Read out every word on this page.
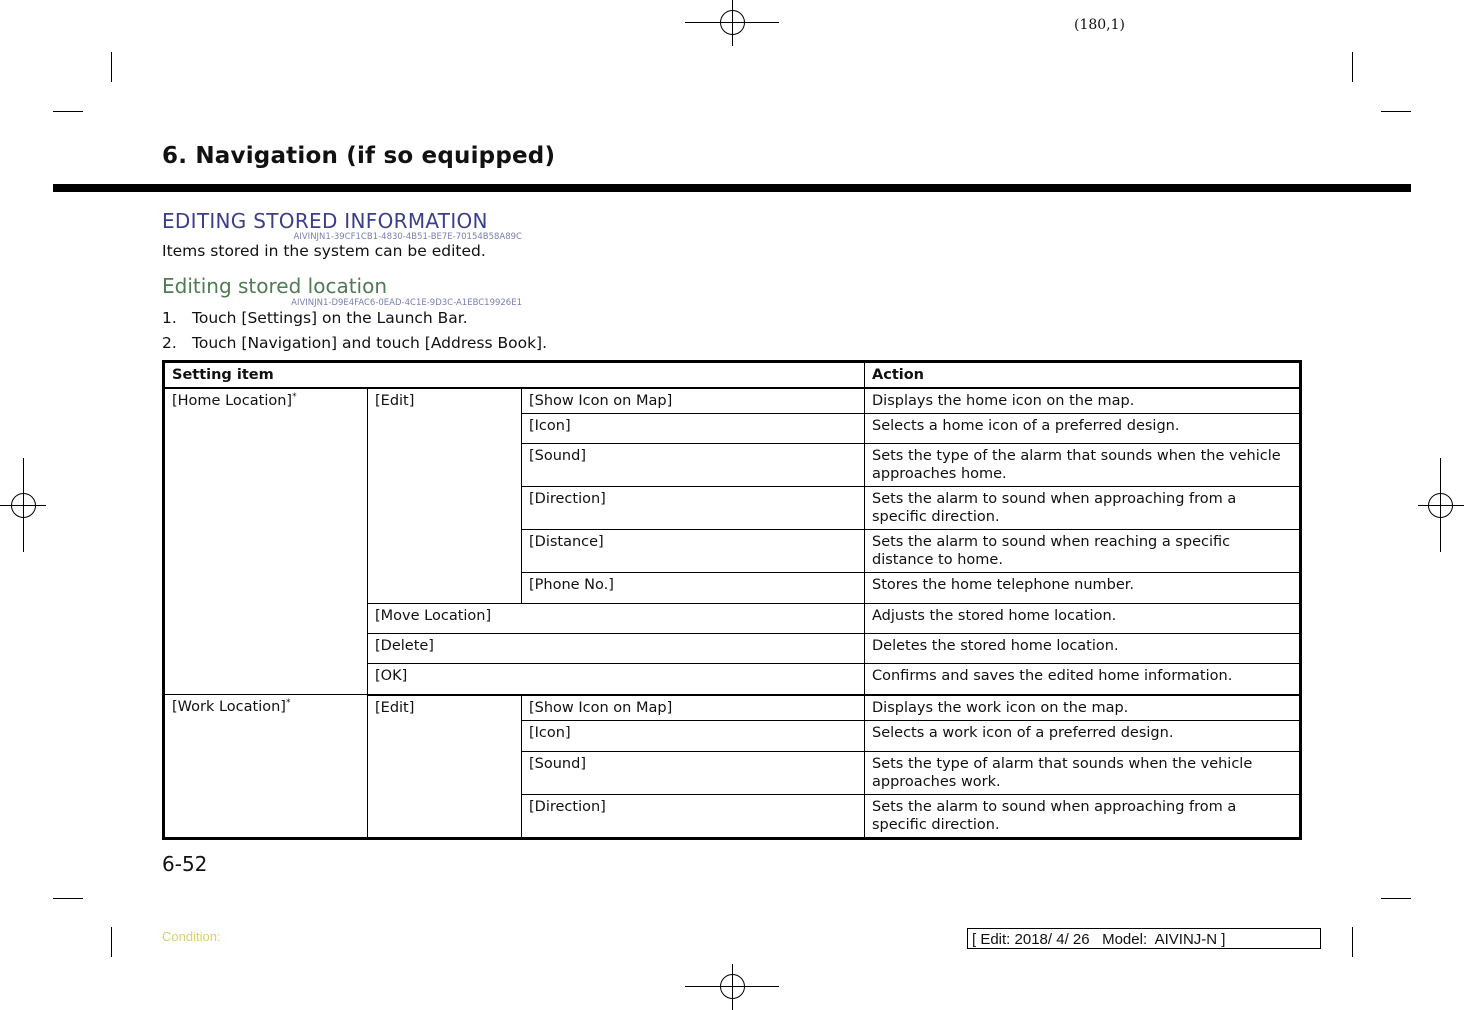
(180,1)
6. Navigation (if so equipped)
EDITING STORED INFORMATION
AIVINJN1-39CF1CB1-4830-4B51-BE7E-70154B58A89C
Items stored in the system can be edited.
Editing stored location
AIVINJN1-D9E4FAC6-0EAD-4C1E-9D3C-A1EBC19926E1
1. Touch [Settings] on the Launch Bar.
2. Touch [Navigation] and touch [Address Book].
Setting item			Action
[Home Location]*	[Edit]	[Show Icon on Map]	Displays the home icon on the map.
		[Icon]	Selects a home icon of a preferred design.
		[Sound]	Sets the type of the alarm that sounds when the vehicle approaches home.
		[Direction]	Sets the alarm to sound when approaching from a specific direction.
		[Distance]	Sets the alarm to sound when reaching a specific distance to home.
		[Phone No.]	Stores the home telephone number.
	[Move Location]		Adjusts the stored home location.
	[Delete]		Deletes the stored home location.
	[OK]		Confirms and saves the edited home information.
[Work Location]*	[Edit]	[Show Icon on Map]	Displays the work icon on the map.
		[Icon]	Selects a work icon of a preferred design.
		[Sound]	Sets the type of alarm that sounds when the vehicle approaches work.
		[Direction]	Sets the alarm to sound when approaching from a specific direction.
6-52
Condition:	[ Edit: 2018/ 4/ 26   Model:  AIVINJ-N ]
